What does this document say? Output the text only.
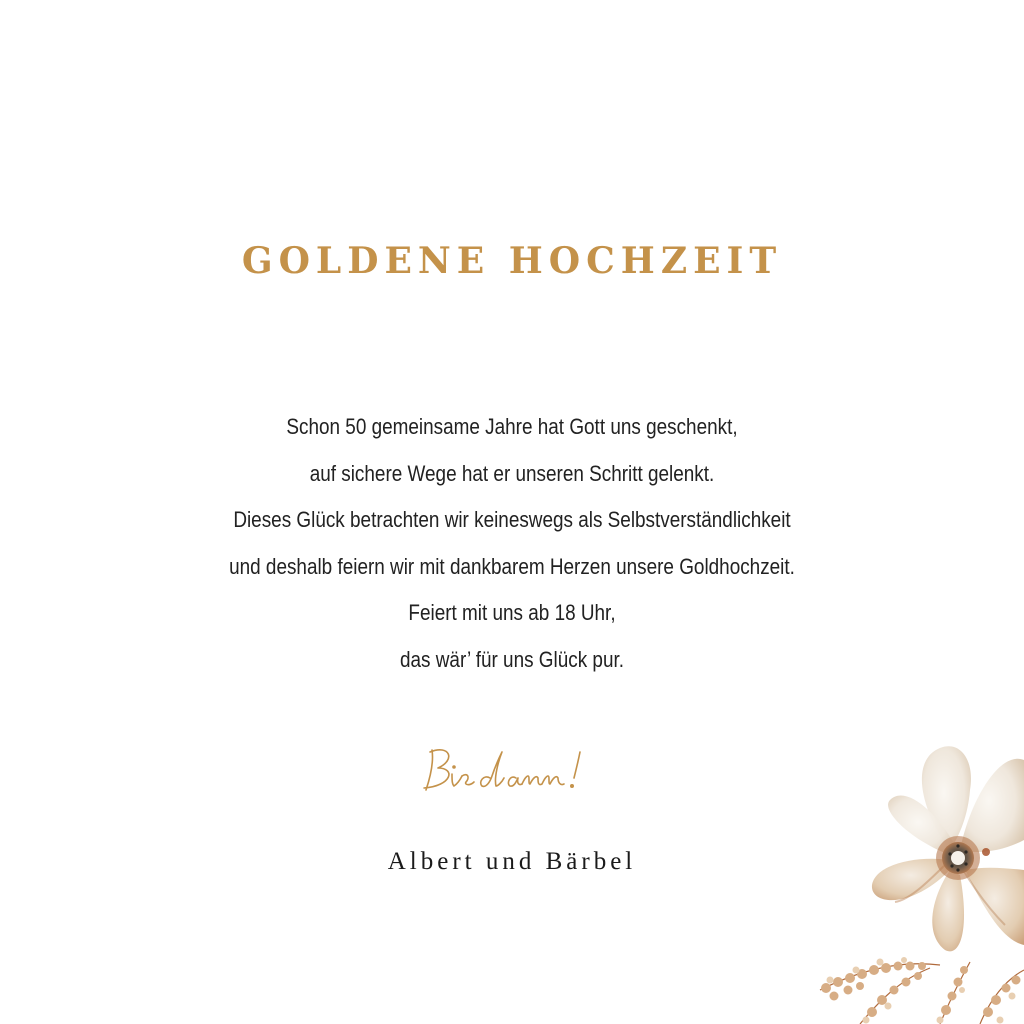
GOLDENE HOCHZEIT
Schon 50 gemeinsame Jahre hat Gott uns geschenkt,
auf sichere Wege hat er unseren Schritt gelenkt.
Dieses Glück betrachten wir keineswegs als Selbstverständlichkeit
und deshalb feiern wir mit dankbarem Herzen unsere Goldhochzeit.
Feiert mit uns ab 18 Uhr,
das wär’ für uns Glück pur.
Albert und Bärbel
